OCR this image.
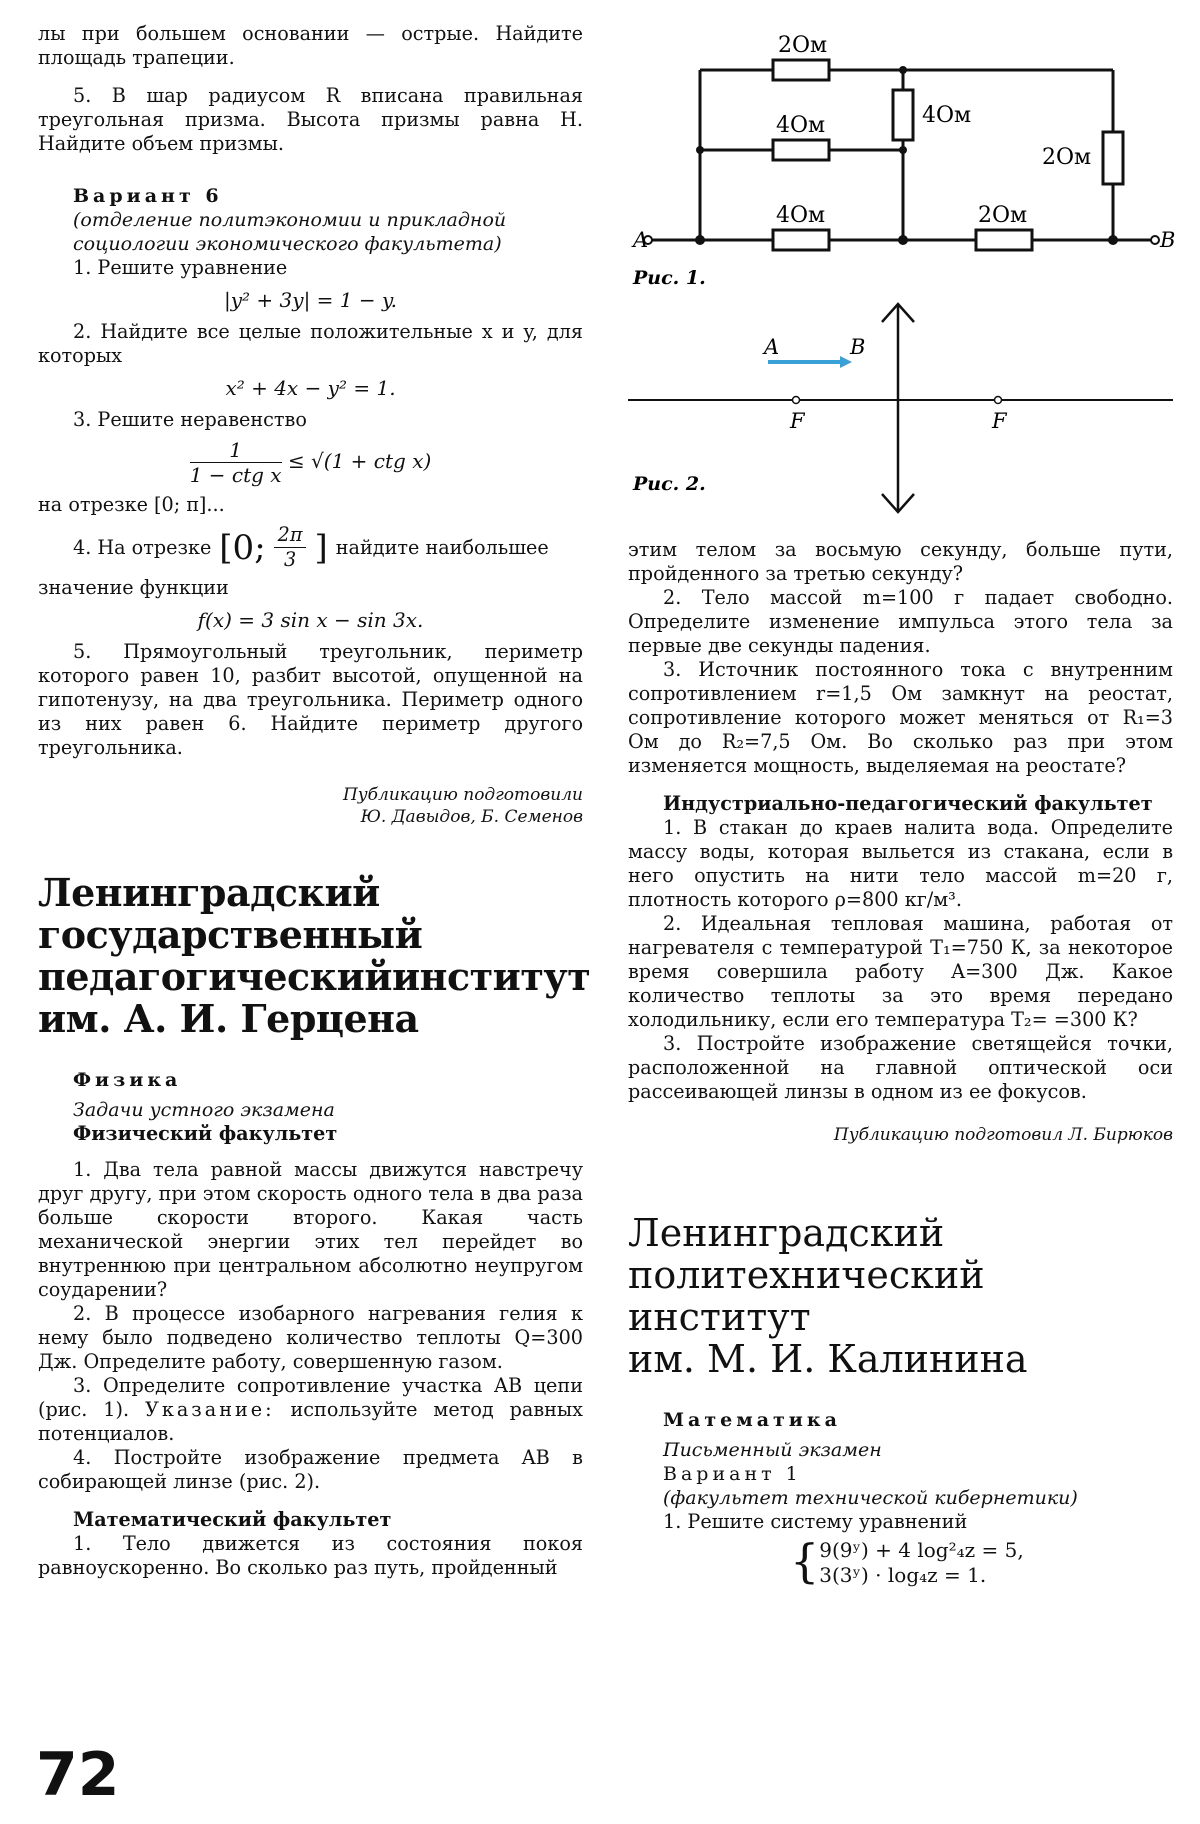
лы при большем основании — острые. Найдите площадь трапеции.

5. В шар радиусом R вписана правильная треугольная призма. Высота призмы равна H. Найдите объем призмы.

Вариант 6

(отделение политэкономии и прикладной социологии экономического факультета)

1. Решите уравнение

|y² + 3y| = 1 − y.

2. Найдите все целые положительные x и y, для которых

x² + 4x − y² = 1.

3. Решите неравенство

1
1 − ctg x
≤ √(1 + ctg x)

на отрезке [0; π]...

4. На отрезке [0; $\frac{2\pi}{3}$ ] найдите наибольшее

значение функции

f(x) = 3 sin x − sin 3x.

5. Прямоугольный треугольник, периметр которого равен 10, разбит высотой, опущенной на гипотенузу, на два треугольника. Периметр одного из них равен 6. Найдите периметр другого треугольника.

Публикацию подготовили

Ю. Давыдов, Б. Семенов

Ленинградский

государственный

педагогический институт

им. А. И. Герцена

Физика

Задачи устного экзамена

Физический факультет

1. Два тела равной массы движутся навстречу друг другу, при этом скорость одного тела в два раза больше скорости второго. Какая часть механической энергии этих тел перейдет во внутреннюю при центральном абсолютно неупругом соударении?

2. В процессе изобарного нагревания гелия к нему было подведено количество теплоты Q=300 Дж. Определите работу, совершенную газом.

3. Определите сопротивление участка AB цепи (рис. 1). Указание: используйте метод равных потенциалов.

4. Постройте изображение предмета AB в собирающей линзе (рис. 2).

Математический факультет

1. Тело движется из состояния покоя равноускоренно. Во сколько раз путь, пройденный

2Ом
4Ом	4Ом
2Ом
4Ом	2Ом
A	B
Рис. 1.
A	B
F	F
Рис. 2.

этим телом за восьмую секунду, больше пути, пройденного за третью секунду?

2. Тело массой m=100 г падает свободно. Определите изменение импульса этого тела за первые две секунды падения.

3. Источник постоянного тока с внутренним сопротивлением r=1,5 Ом замкнут на реостат, сопротивление которого может меняться от R₁=3 Ом до R₂=7,5 Ом. Во сколько раз при этом изменяется мощность, выделяемая на реостате?

Индустриально-педагогический факультет

1. В стакан до краев налита вода. Определите массу воды, которая выльется из стакана, если в него опустить на нити тело массой m=20 г, плотность которого ρ=800 кг/м³.

2. Идеальная тепловая машина, работая от нагревателя с температурой T₁=750 К, за некоторое время совершила работу A=300 Дж. Какое количество теплоты за это время передано холодильнику, если его температура T₂= =300 К?

3. Постройте изображение светящейся точки, расположенной на главной оптической оси рассеивающей линзы в одном из ее фокусов.

Публикацию подготовил Л. Бирюков

Ленинградский

политехнический институт

им. М. И. Калинина

Математика

Письменный экзамен

Вариант 1

(факультет технической кибернетики)

1. Решите систему уравнений

{ 9(9ʸ) + 4 log²₄z = 5,
3(3ʸ) · log₄z = 1.
72
